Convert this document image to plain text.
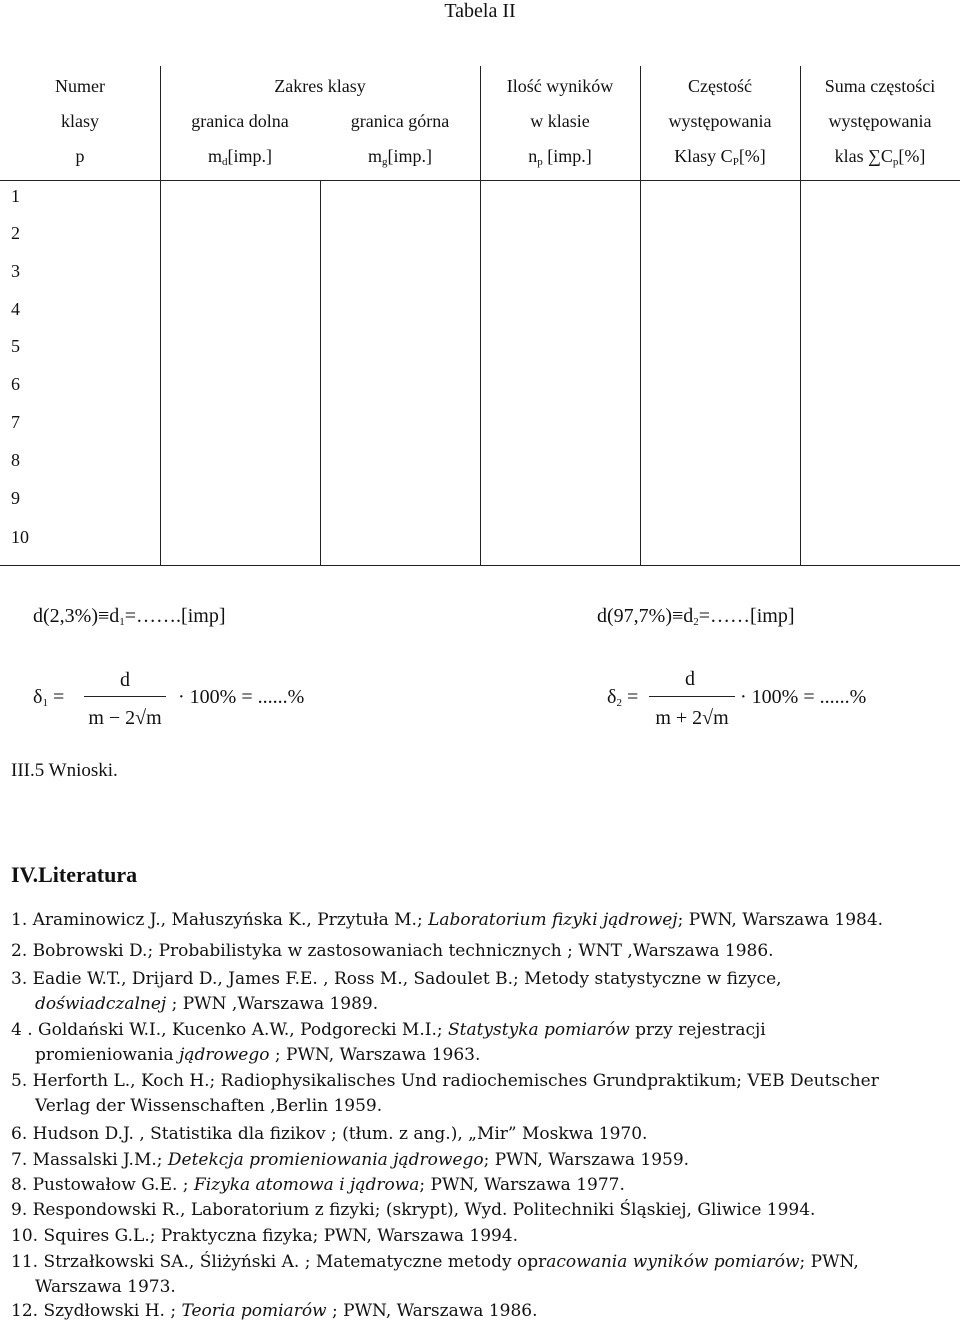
Tabela II
Numer
klasy
p
Zakres klasy
granica dolna
$m_d[imp.]$
granica górna
$m_g[imp.]$
Ilość wyników
w klasie
$n_p$ [imp.]
Częstość
występowania
Klasy $C_P[\%]$
Suma częstości
występowania
klas $\sum C_p[\%]$
1
2
3
4
5
6
7
8
9
10
$d(2,3\%)\equiv d_1=\dots\dots.[imp]$	$d(97,7\%)\equiv d_2=\dots\dots[imp]$
$\delta_1$ =
d
m − 2√m
· 100% = ......%	$\delta_2$ =
d
m + 2√m
· 100% = ......%
III.5 Wnioski.
IV.Literatura
1. Araminowicz J., Małuszyńska K., Przytuła M.; Laboratorium fizyki jądrowej; PWN, Warszawa 1984.
2. Bobrowski D.; Probabilistyka w zastosowaniach technicznych ; WNT ,Warszawa 1986.
3. Eadie W.T., Drijard D., James F.E. , Ross M., Sadoulet B.; Metody statystyczne w fizyce,
doświadczalnej ; PWN ,Warszawa 1989.
4 . Goldański W.I., Kucenko A.W., Podgorecki M.I.; Statystyka pomiarów przy rejestracji
promieniowania jądrowego ; PWN, Warszawa 1963.
5. Herforth L., Koch H.; Radiophysikalisches Und radiochemisches Grundpraktikum; VEB Deutscher
Verlag der Wissenschaften ,Berlin 1959.
6. Hudson D.J. , Statistika dla fizikov ; (tłum. z ang.), „Mir” Moskwa 1970.
7. Massalski J.M.; Detekcja promieniowania jądrowego; PWN, Warszawa 1959.
8. Pustowałow G.E. ; Fizyka atomowa i jądrowa; PWN, Warszawa 1977.
9. Respondowski R., Laboratorium z fizyki; (skrypt), Wyd. Politechniki Śląskiej, Gliwice 1994.
10. Squires G.L.; Praktyczna fizyka; PWN, Warszawa 1994.
11. Strzałkowski SA., Śliżyński A. ; Matematyczne metody opracowania wyników pomiarów; PWN,
Warszawa 1973.
12. Szydłowski H. ; Teoria pomiarów ; PWN, Warszawa 1986.
